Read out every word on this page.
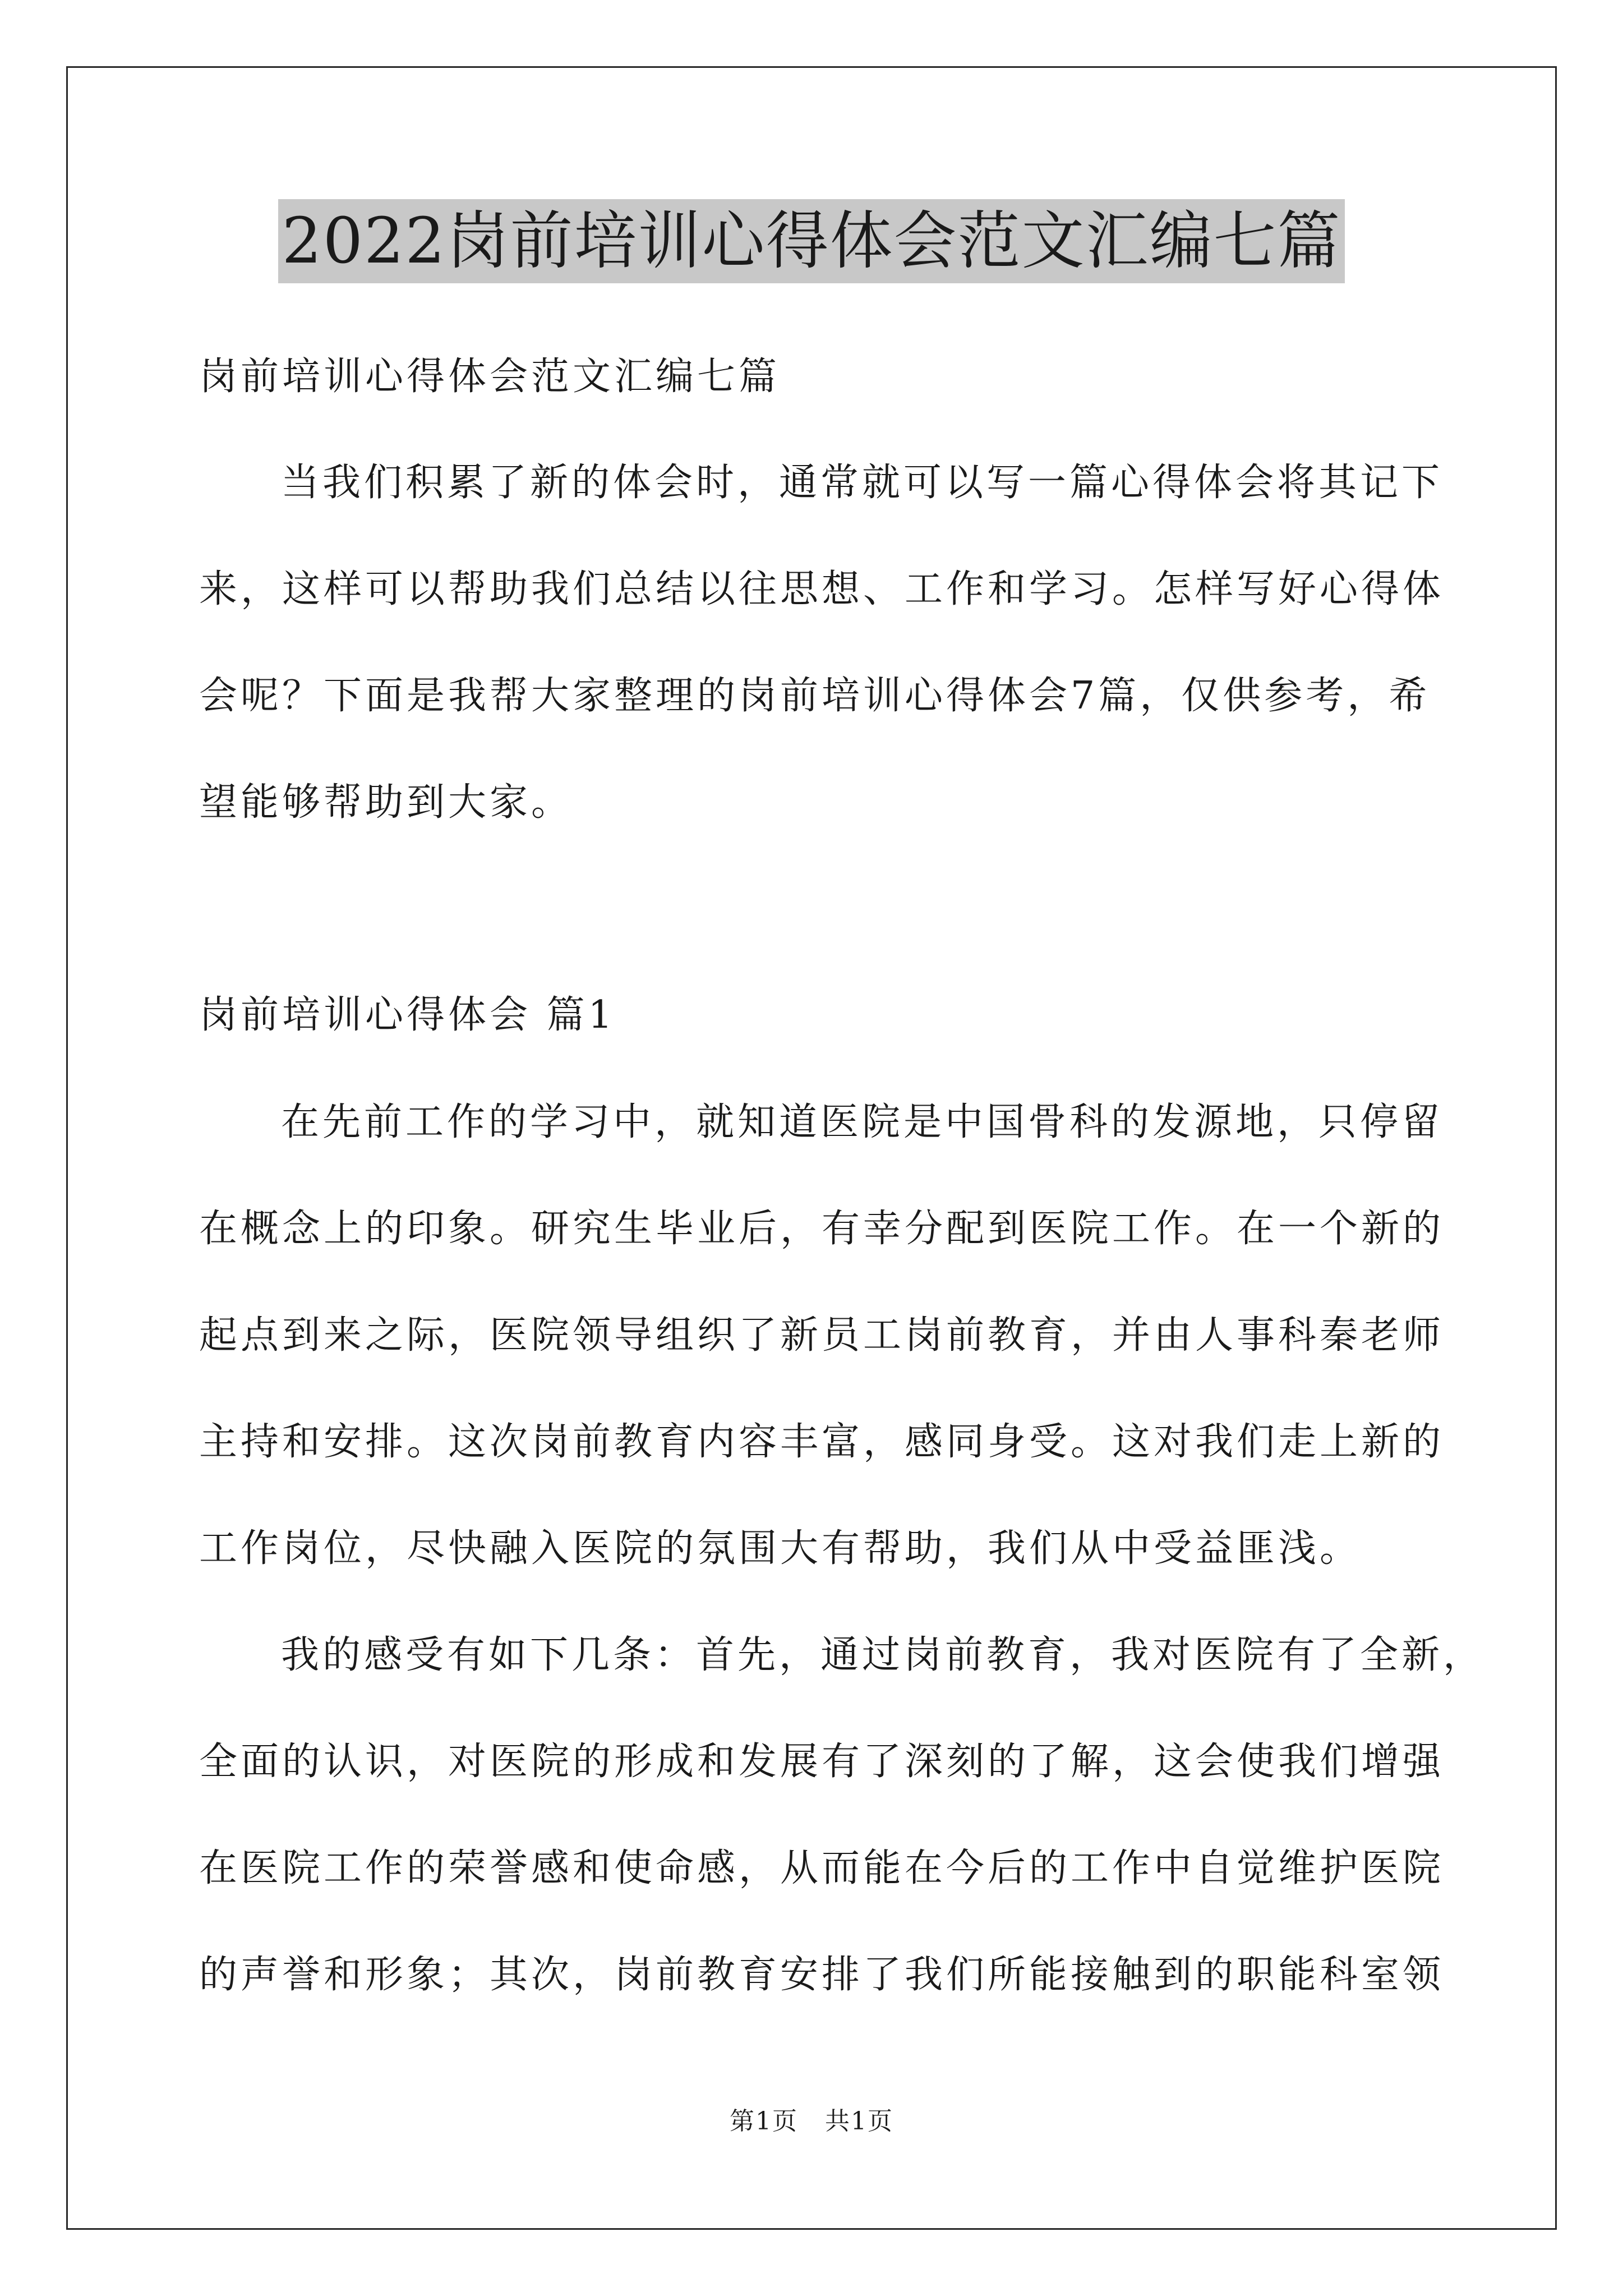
2022岗前培训心得体会范文汇编七篇
岗前培训心得体会范文汇编七篇
当我们积累了新的体会时，通常就可以写一篇心得体会将其记下
来，这样可以帮助我们总结以往思想、工作和学习。怎样写好心得体
会呢？下面是我帮大家整理的岗前培训心得体会7篇，仅供参考，希
望能够帮助到大家。
岗前培训心得体会 篇1
在先前工作的学习中，就知道医院是中国骨科的发源地，只停留
在概念上的印象。研究生毕业后，有幸分配到医院工作。在一个新的
起点到来之际，医院领导组织了新员工岗前教育，并由人事科秦老师
主持和安排。这次岗前教育内容丰富，感同身受。这对我们走上新的
工作岗位，尽快融入医院的氛围大有帮助，我们从中受益匪浅。
我的感受有如下几条：首先，通过岗前教育，我对医院有了全新，
全面的认识，对医院的形成和发展有了深刻的了解，这会使我们增强
在医院工作的荣誉感和使命感，从而能在今后的工作中自觉维护医院
的声誉和形象；其次，岗前教育安排了我们所能接触到的职能科室领
第1页 共1页
